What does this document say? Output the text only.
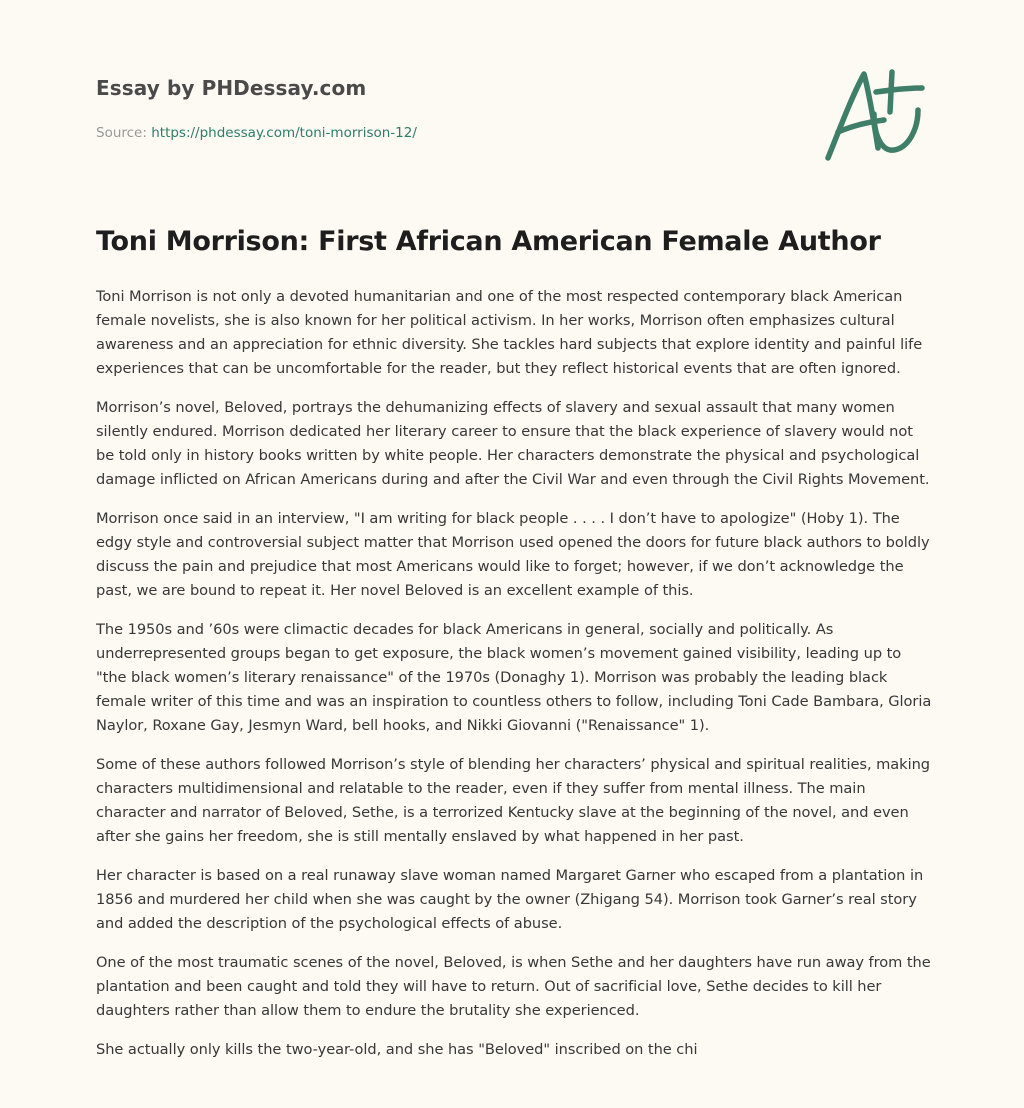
Essay by PHDessay.com
Source: https://phdessay.com/toni-morrison-12/
Toni Morrison: First African American Female Author

Toni Morrison is not only a devoted humanitarian and one of the most respected contemporary black American female novelists, she is also known for her political activism. In her works, Morrison often emphasizes cultural awareness and an appreciation for ethnic diversity. She tackles hard subjects that explore identity and painful life experiences that can be uncomfortable for the reader, but they reflect historical events that are often ignored.

Morrison’s novel, Beloved, portrays the dehumanizing effects of slavery and sexual assault that many women silently endured. Morrison dedicated her literary career to ensure that the black experience of slavery would not be told only in history books written by white people. Her characters demonstrate the physical and psychological damage inflicted on African Americans during and after the Civil War and even through the Civil Rights Movement.

Morrison once said in an interview, "I am writing for black people . . . . I don’t have to apologize" (Hoby 1). The edgy style and controversial subject matter that Morrison used opened the doors for future black authors to boldly discuss the pain and prejudice that most Americans would like to forget; however, if we don’t acknowledge the past, we are bound to repeat it. Her novel Beloved is an excellent example of this.

The 1950s and ’60s were climactic decades for black Americans in general, socially and politically. As underrepresented groups began to get exposure, the black women’s movement gained visibility, leading up to "the black women’s literary renaissance" of the 1970s (Donaghy 1). Morrison was probably the leading black female writer of this time and was an inspiration to countless others to follow, including Toni Cade Bambara, Gloria Naylor, Roxane Gay, Jesmyn Ward, bell hooks, and Nikki Giovanni ("Renaissance" 1).

Some of these authors followed Morrison’s style of blending her characters’ physical and spiritual realities, making characters multidimensional and relatable to the reader, even if they suffer from mental illness. The main character and narrator of Beloved, Sethe, is a terrorized Kentucky slave at the beginning of the novel, and even after she gains her freedom, she is still mentally enslaved by what happened in her past.

Her character is based on a real runaway slave woman named Margaret Garner who escaped from a plantation in 1856 and murdered her child when she was caught by the owner (Zhigang 54). Morrison took Garner’s real story and added the description of the psychological effects of abuse.

One of the most traumatic scenes of the novel, Beloved, is when Sethe and her daughters have run away from the plantation and been caught and told they will have to return. Out of sacrificial love, Sethe decides to kill her daughters rather than allow them to endure the brutality she experienced.

She actually only kills the two-year-old, and she has "Beloved" inscribed on the chi
